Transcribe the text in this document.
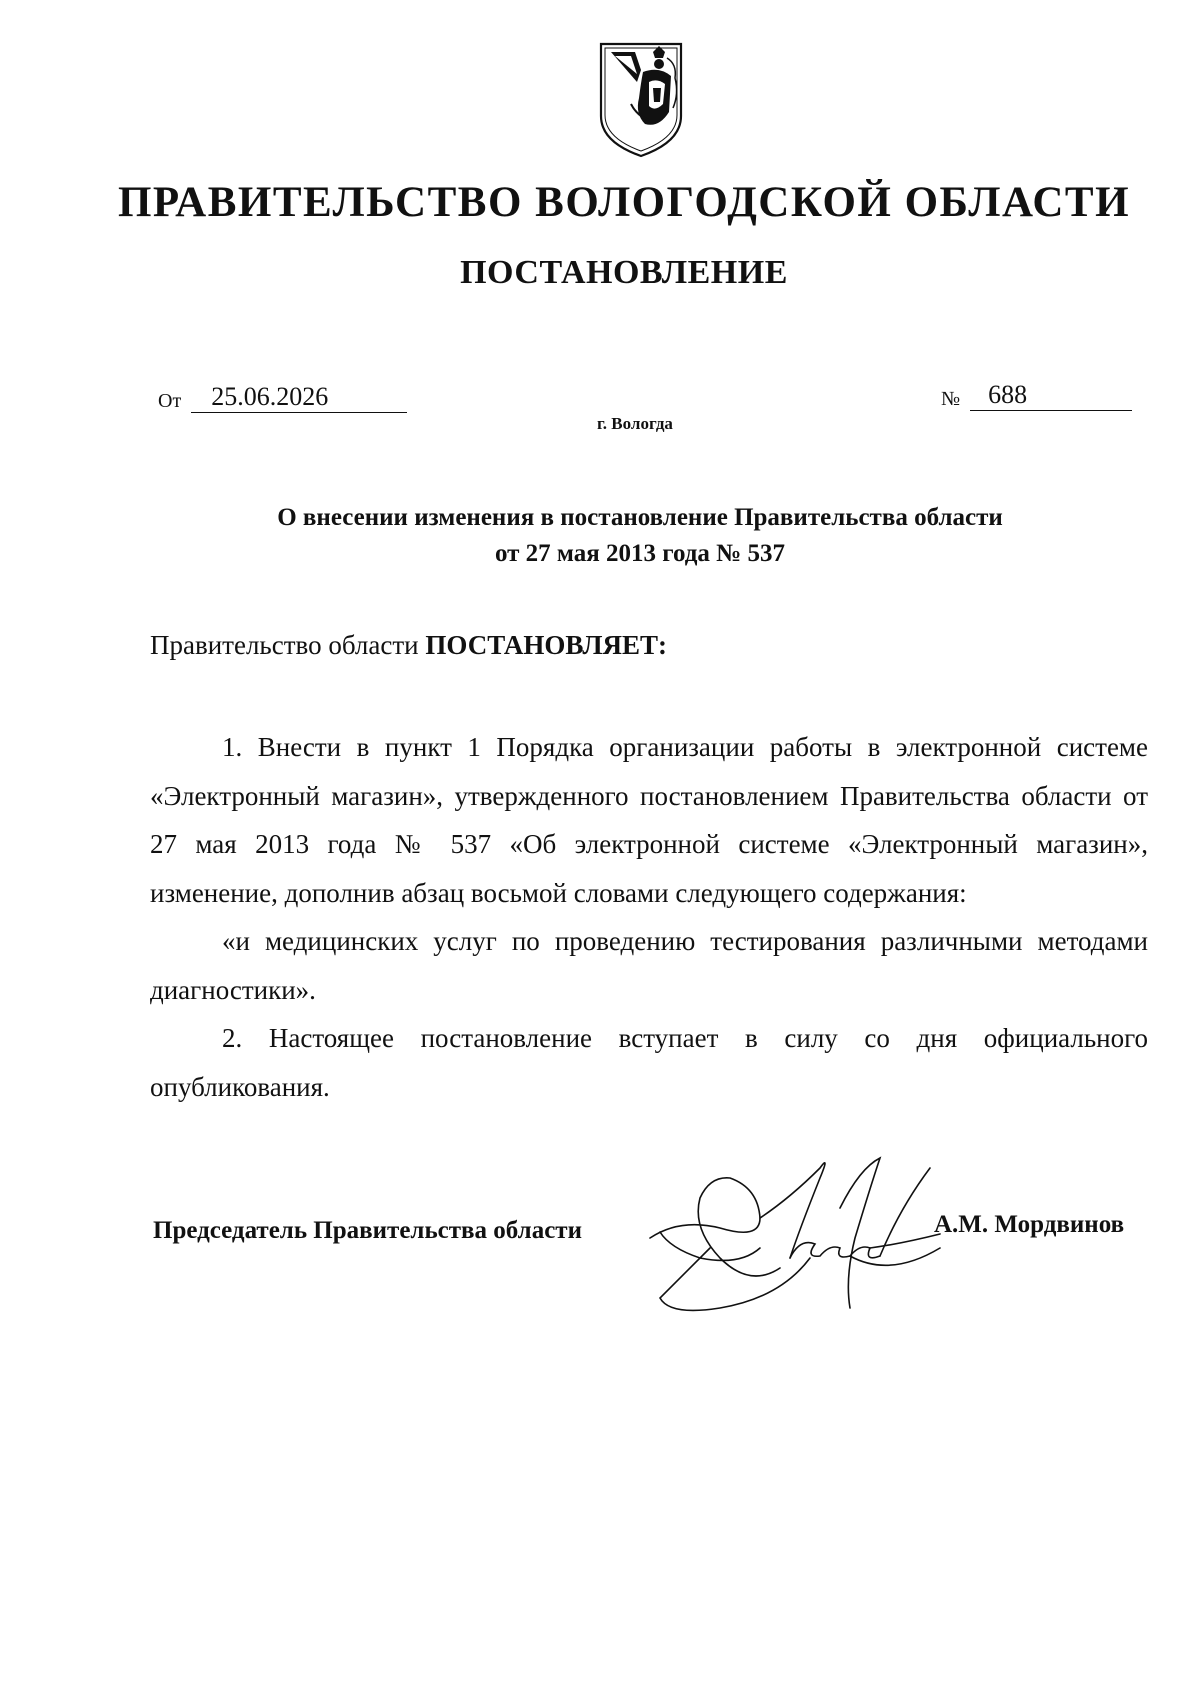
ПРАВИТЕЛЬСТВО ВОЛОГОДСКОЙ ОБЛАСТИ
ПОСТАНОВЛЕНИЕ
От	25.06.2026	№	688
г. Вологда
О внесении изменения в постановление Правительства области
от 27 мая 2013 года № 537
Правительство области ПОСТАНОВЛЯЕТ:

1. Внести в пункт 1 Порядка организации работы в электронной системе «Электронный магазин», утвержденного постановлением Правительства области от 27 мая 2013 года № 537 «Об электронной системе «Электронный магазин», изменение, дополнив абзац восьмой словами следующего содержания:

«и медицинских услуг по проведению тестирования различными методами диагностики».

2. Настоящее постановление вступает в силу со дня официального опубликования.

Председатель Правительства области	А.М. Мордвинов
